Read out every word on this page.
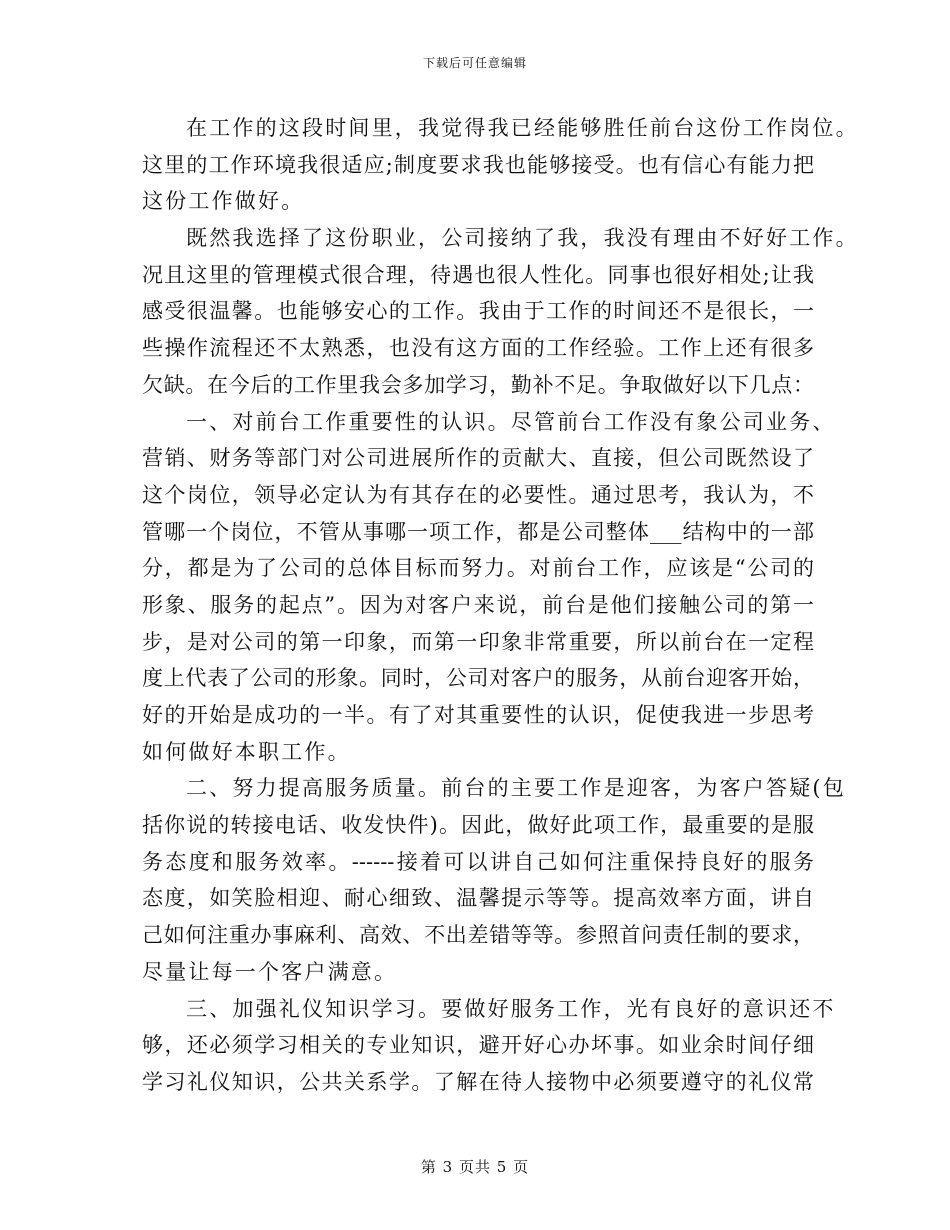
下载后可任意编辑
在工作的这段时间里，我觉得我已经能够胜任前台这份工作岗位。
这里的工作环境我很适应;制度要求我也能够接受。也有信心有能力把
这份工作做好。
既然我选择了这份职业，公司接纳了我，我没有理由不好好工作。
况且这里的管理模式很合理，待遇也很人性化。同事也很好相处;让我
感受很温馨。也能够安心的工作。我由于工作的时间还不是很长，一
些操作流程还不太熟悉，也没有这方面的工作经验。工作上还有很多
欠缺。在今后的工作里我会多加学习，勤补不足。争取做好以下几点：
一、对前台工作重要性的认识。尽管前台工作没有象公司业务、
营销、财务等部门对公司进展所作的贡献大、直接，但公司既然设了
这个岗位，领导必定认为有其存在的必要性。通过思考，我认为，不
管哪一个岗位，不管从事哪一项工作，都是公司整体___结构中的一部
分，都是为了公司的总体目标而努力。对前台工作，应该是“公司的
形象、服务的起点”。因为对客户来说，前台是他们接触公司的第一
步，是对公司的第一印象，而第一印象非常重要，所以前台在一定程
度上代表了公司的形象。同时，公司对客户的服务，从前台迎客开始，
好的开始是成功的一半。有了对其重要性的认识，促使我进一步思考
如何做好本职工作。
二、努力提高服务质量。前台的主要工作是迎客，为客户答疑(包
括你说的转接电话、收发快件)。因此，做好此项工作，最重要的是服
务态度和服务效率。------接着可以讲自己如何注重保持良好的服务
态度，如笑脸相迎、耐心细致、温馨提示等等。提高效率方面，讲自
己如何注重办事麻利、高效、不出差错等等。参照首问责任制的要求，
尽量让每一个客户满意。
三、加强礼仪知识学习。要做好服务工作，光有良好的意识还不
够，还必须学习相关的专业知识，避开好心办坏事。如业余时间仔细
学习礼仪知识，公共关系学。了解在待人接物中必须要遵守的礼仪常
第 3 页共 5 页
